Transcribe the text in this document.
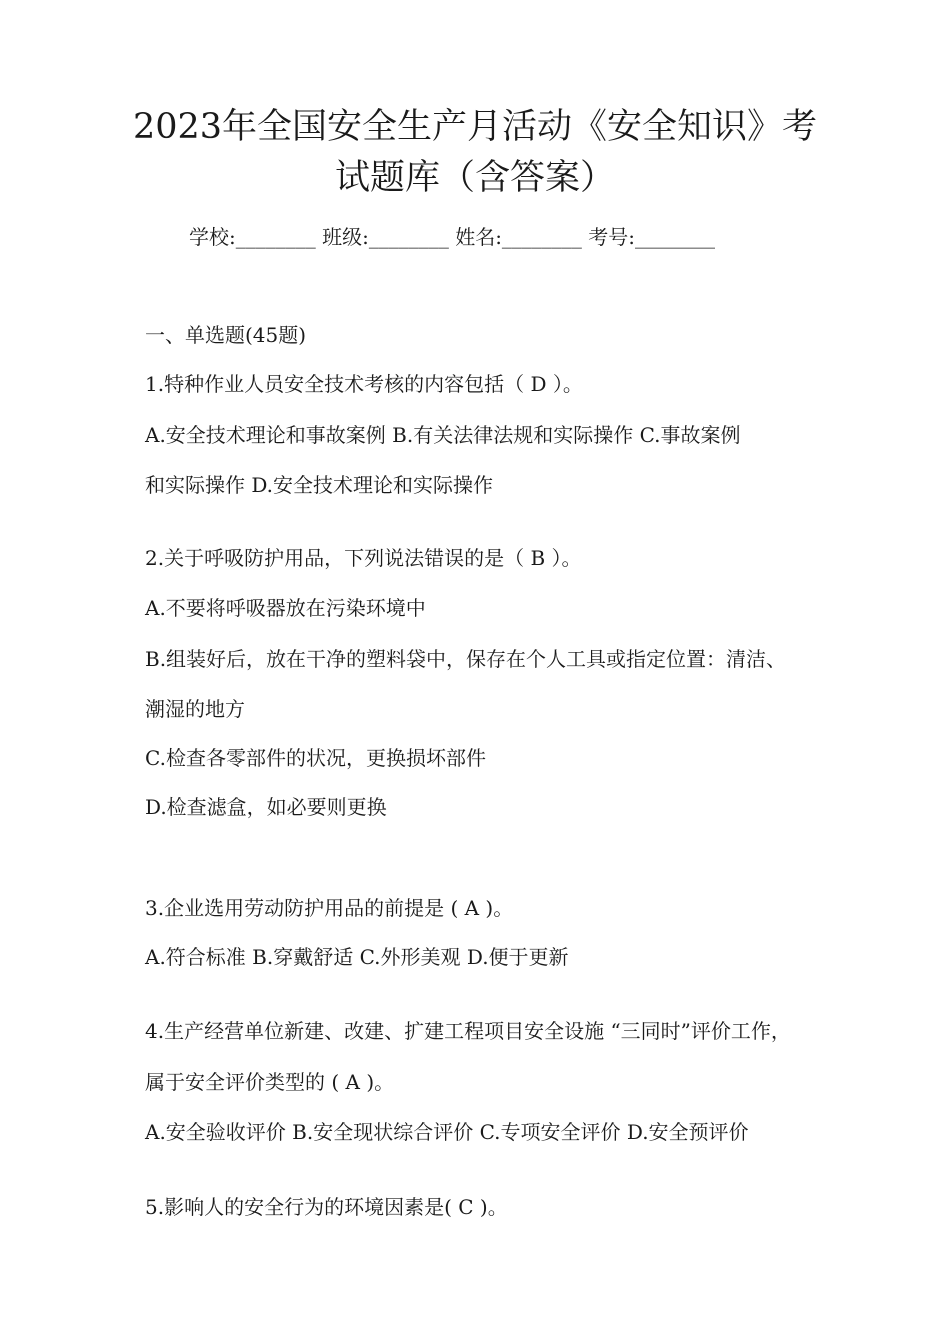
2023年全国安全生产月活动《安全知识》考
试题库（含答案）
学校:________ 班级:________ 姓名:________ 考号:________
一、单选题(45题)
1.特种作业人员安全技术考核的内容包括（ D ）。
A.安全技术理论和事故案例 B.有关法律法规和实际操作 C.事故案例
和实际操作 D.安全技术理论和实际操作
2.关于呼吸防护用品，下列说法错误的是（ B ）。
A.不要将呼吸器放在污染环境中
B.组装好后，放在干净的塑料袋中，保存在个人工具或指定位置：清洁、
潮湿的地方
C.检查各零部件的状况，更换损坏部件
D.检查滤盒，如必要则更换
3.企业选用劳动防护用品的前提是 ( A )。
A.符合标准 B.穿戴舒适 C.外形美观 D.便于更新
4.生产经营单位新建、改建、扩建工程项目安全设施 “三同时”评价工作，
属于安全评价类型的 ( A )。
A.安全验收评价 B.安全现状综合评价 C.专项安全评价 D.安全预评价
5.影响人的安全行为的环境因素是( C )。
